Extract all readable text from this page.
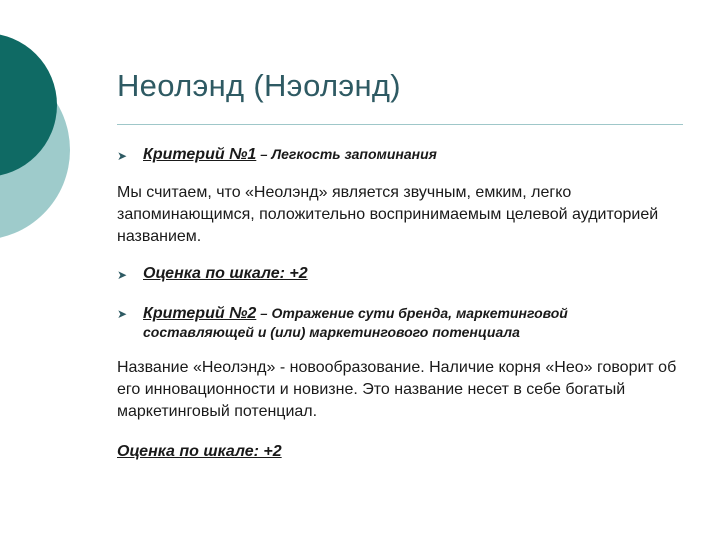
Неолэнд (Нэолэнд)
➤ Критерий №1 – Легкость запоминания
Мы считаем, что «Неолэнд» является звучным, емким, легко запоминающимся, положительно воспринимаемым целевой аудиторией названием.
➤ Оценка по шкале: +2
➤ Критерий №2 – Отражение сути бренда, маркетинговой составляющей и (или) маркетингового потенциала
Название «Неолэнд» - новообразование. Наличие корня «Нео» говорит об его инновационности и новизне. Это название несет в себе богатый маркетинговый потенциал.
Оценка по шкале: +2
